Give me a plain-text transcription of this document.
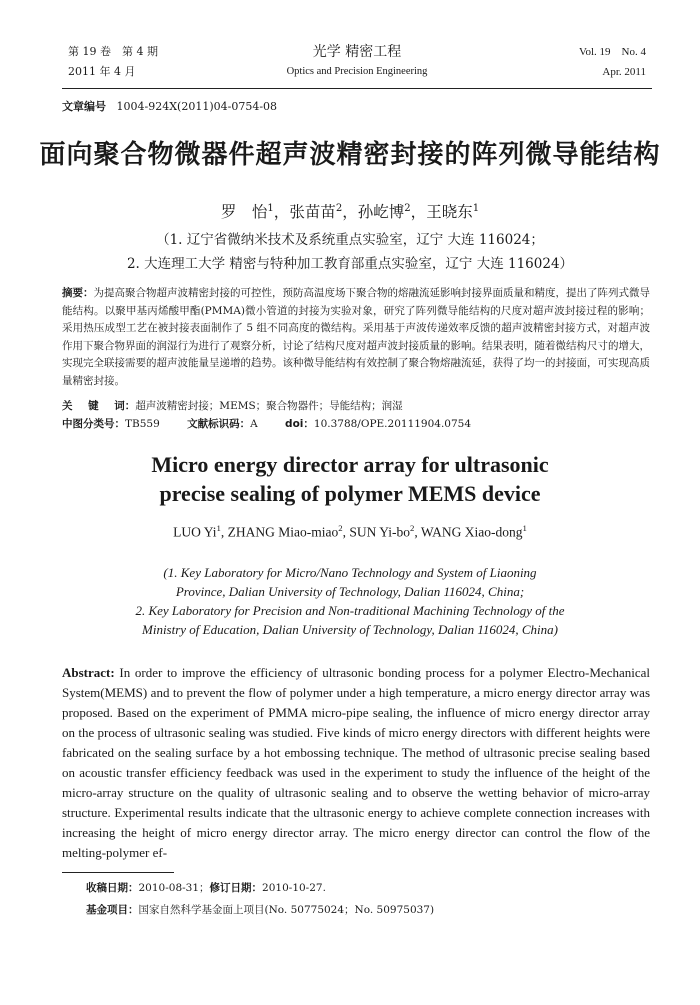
第 19 卷　第 4 期
2011 年 4 月
光学 精密工程
Optics and Precision Engineering
Vol. 19　No. 4
Apr. 2011
文章编号 1004-924X(2011)04-0754-08
面向聚合物微器件超声波精密封接的阵列微导能结构
罗　怡$^1$，张苗苗$^2$，孙屹博$^2$，王晓东$^1$
（1. 辽宁省微纳米技术及系统重点实验室，辽宁 大连 116024；
2. 大连理工大学 精密与特种加工教育部重点实验室，辽宁 大连 116024）
摘要：为提高聚合物超声波精密封接的可控性，预防高温度场下聚合物的熔融流延影响封接界面质量和精度，提出了阵列式微导能结构。以聚甲基丙烯酸甲酯(PMMA)微小管道的封接为实验对象，研究了阵列微导能结构的尺度对超声波封接过程的影响；采用热压成型工艺在被封接表面制作了 5 组不同高度的微结构。采用基于声波传递效率反馈的超声波精密封接方式，对超声波作用下聚合物界面的润湿行为进行了观察分析，讨论了结构尺度对超声波封接质量的影响。结果表明，随着微结构尺寸的增大，实现完全联接需要的超声波能量呈递增的趋势。该种微导能结构有效控制了聚合物熔融流延，获得了均一的封接面，可实现高质量精密封接。
关 键 词：超声波精密封接；MEMS；聚合物器件；导能结构；润湿
中图分类号：TB559	文献标识码：A	doi：10.3788/OPE.20111904.0754
Micro energy director array for ultrasonic
precise sealing of polymer MEMS device
LUO Yi$^1$, ZHANG Miao-miao$^2$, SUN $Yi-bo^2$, WANG Xiao-dong$^1$
(1. Key Laboratory for Micro/Nano Technology and System of Liaoning
Province, Dalian University of Technology, Dalian 116024, China;
2. Key Laboratory for Precision and Non-traditional Machining Technology of the
Ministry of Education, Dalian University of Technology, Dalian 116024, China)
Abstract: In order to improve the efficiency of ultrasonic bonding process for a polymer Electro-Mechanical System(MEMS) and to prevent the flow of polymer under a high temperature, a micro energy director array was proposed. Based on the experiment of PMMA micro-pipe sealing, the influence of micro energy director array on the process of ultrasonic sealing was studied. Five kinds of micro energy directors with different heights were fabricated on the sealing surface by a hot embossing technique. The method of ultrasonic precise sealing based on acoustic transfer efficiency feedback was used in the experiment to study the influence of the height of the micro-array structure on the quality of ultrasonic sealing and to observe the wetting behavior of micro-array structure. Experimental results indicate that the ultrasonic energy to achieve complete connection increases with increasing the height of micro energy director array. The micro energy director can control the flow of the melting-polymer ef-
收稿日期：2010-08-31；修订日期：2010-10-27.
基金项目：国家自然科学基金面上项目(No. 50775024；No. 50975037)
